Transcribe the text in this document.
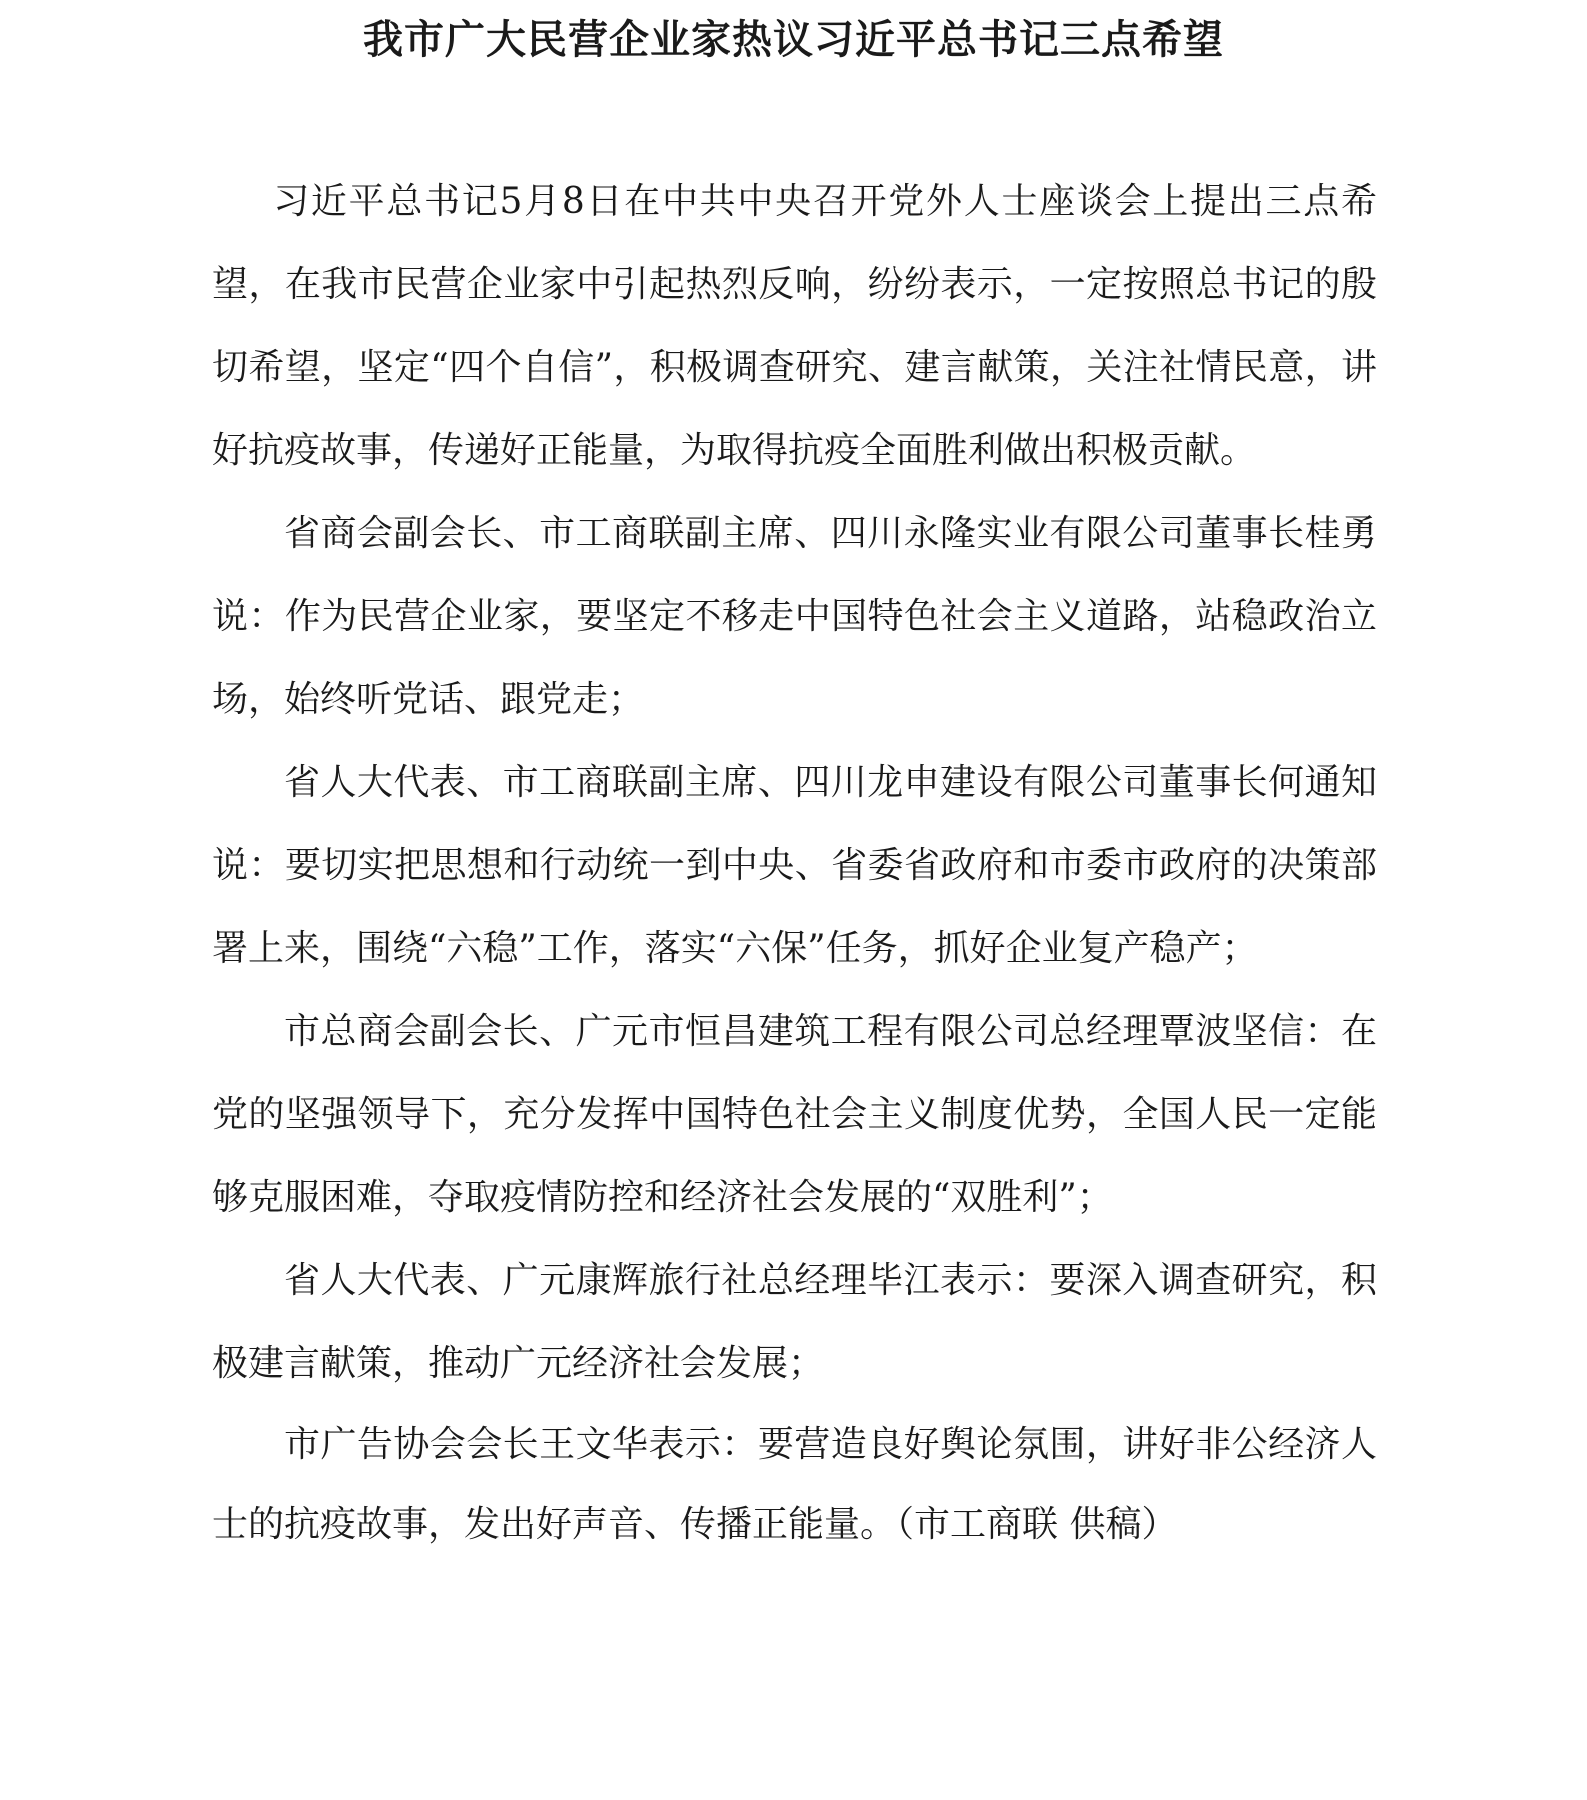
我市广大民营企业家热议习近平总书记三点希望

习近平总书记5月8日在中共中央召开党外人士座谈会上提出三点希望，在我市民营企业家中引起热烈反响，纷纷表示，一定按照总书记的殷切希望，坚定“四个自信”，积极调查研究、建言献策，关注社情民意，讲好抗疫故事，传递好正能量，为取得抗疫全面胜利做出积极贡献。

省商会副会长、市工商联副主席、四川永隆实业有限公司董事长桂勇说：作为民营企业家，要坚定不移走中国特色社会主义道路，站稳政治立场，始终听党话、跟党走；

省人大代表、市工商联副主席、四川龙申建设有限公司董事长何通知说：要切实把思想和行动统一到中央、省委省政府和市委市政府的决策部署上来，围绕“六稳”工作，落实“六保”任务，抓好企业复产稳产；

市总商会副会长、广元市恒昌建筑工程有限公司总经理覃波坚信：在党的坚强领导下，充分发挥中国特色社会主义制度优势，全国人民一定能够克服困难，夺取疫情防控和经济社会发展的“双胜利”；

省人大代表、广元康辉旅行社总经理毕江表示：要深入调查研究，积极建言献策，推动广元经济社会发展；

市广告协会会长王文华表示：要营造良好舆论氛围，讲好非公经济人士的抗疫故事，发出好声音、传播正能量。（市工商联 供稿）
